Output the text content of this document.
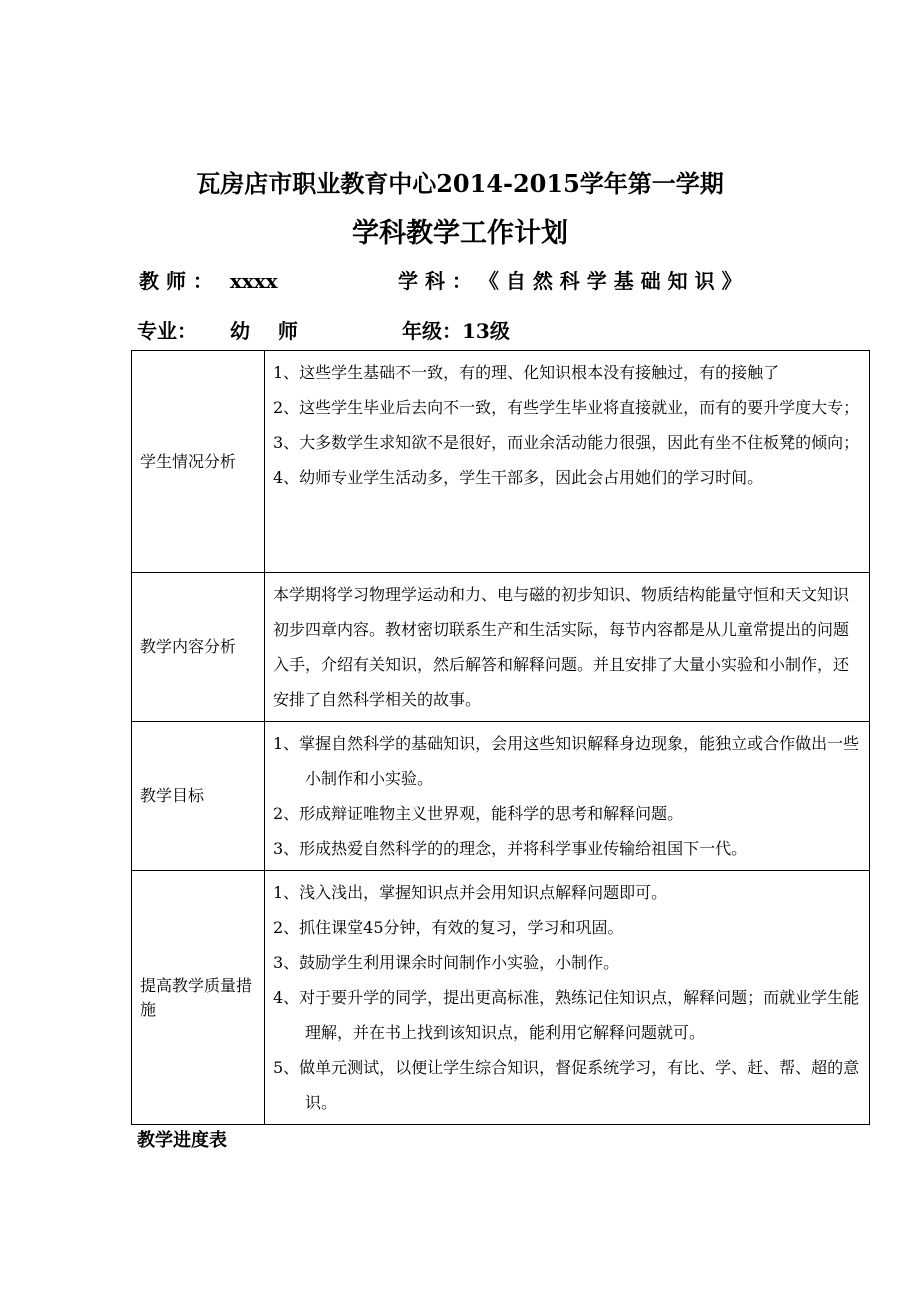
瓦房店市职业教育中心2014-2015学年第一学期
学科教学工作计划
教 师 ： xxxx	学 科 ： 《 自 然 科 学 基 础 知 识 》
专业： 幼    师	年级：13级
学生情况分析	1、这些学生基础不一致，有的理、化知识根本没有接触过，有的接触了

2、这些学生毕业后去向不一致，有些学生毕业将直接就业，而有的要升学度大专；

3、大多数学生求知欲不是很好，而业余活动能力很强，因此有坐不住板凳的倾向；

4、幼师专业学生活动多，学生干部多，因此会占用她们的学习时间。

教学内容分析	本学期将学习物理学运动和力、电与磁的初步知识、物质结构能量守恒和天文知识初步四章内容。教材密切联系生产和生活实际，每节内容都是从儿童常提出的问题入手，介绍有关知识，然后解答和解释问题。并且安排了大量小实验和小制作，还安排了自然科学相关的故事。

教学目标	1、掌握自然科学的基础知识，会用这些知识解释身边现象，能独立或合作做出一些小制作和小实验。

2、形成辩证唯物主义世界观，能科学的思考和解释问题。

3、形成热爱自然科学的的理念，并将科学事业传输给祖国下一代。

提高教学质量措施	1、浅入浅出，掌握知识点并会用知识点解释问题即可。

2、抓住课堂45分钟，有效的复习，学习和巩固。

3、鼓励学生利用课余时间制作小实验，小制作。

4、对于要升学的同学，提出更高标准，熟练记住知识点，解释问题；而就业学生能理解，并在书上找到该知识点，能利用它解释问题就可。

5、做单元测试，以便让学生综合知识，督促系统学习，有比、学、赶、帮、超的意识。

教学进度表
